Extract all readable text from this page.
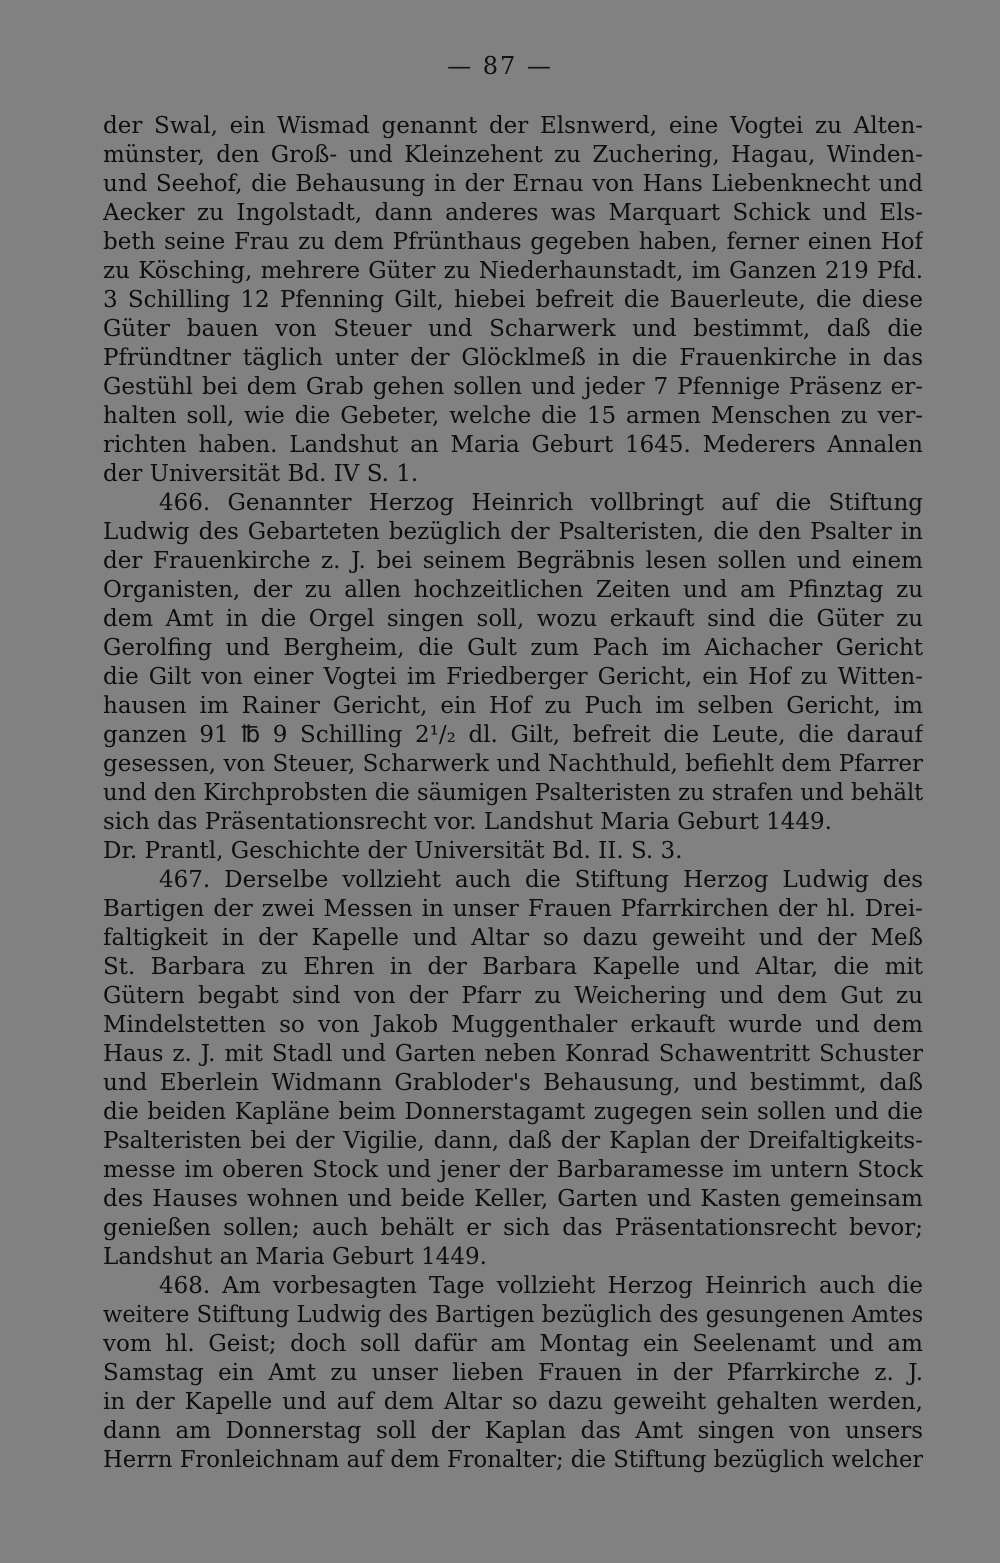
— 87 —
der Swal, ein Wismad genannt der Elsnwerd, eine Vogtei zu Alten-
münster, den Groß- und Kleinzehent zu Zuchering, Hagau, Winden-
und Seehof, die Behausung in der Ernau von Hans Liebenknecht und
Aecker zu Ingolstadt, dann anderes was Marquart Schick und Els-
beth seine Frau zu dem Pfrünthaus gegeben haben, ferner einen Hof
zu Kösching, mehrere Güter zu Niederhaunstadt, im Ganzen 219 Pfd.
3 Schilling 12 Pfenning Gilt, hiebei befreit die Bauerleute, die diese
Güter bauen von Steuer und Scharwerk und bestimmt, daß die
Pfründtner täglich unter der Glöcklmeß in die Frauenkirche in das
Gestühl bei dem Grab gehen sollen und jeder 7 Pfennige Präsenz er-
halten soll, wie die Gebeter, welche die 15 armen Menschen zu ver-
richten haben. Landshut an Maria Geburt 1645. Mederers Annalen
der Universität Bd. IV S. 1.
466. Genannter Herzog Heinrich vollbringt auf die Stiftung
Ludwig des Gebarteten bezüglich der Psalteristen, die den Psalter in
der Frauenkirche z. J. bei seinem Begräbnis lesen sollen und einem
Organisten, der zu allen hochzeitlichen Zeiten und am Pfinztag zu
dem Amt in die Orgel singen soll, wozu erkauft sind die Güter zu
Gerolfing und Bergheim, die Gult zum Pach im Aichacher Gericht
die Gilt von einer Vogtei im Friedberger Gericht, ein Hof zu Witten-
hausen im Rainer Gericht, ein Hof zu Puch im selben Gericht, im
ganzen 91 ℔ 9 Schilling 2¹/₂ dl. Gilt, befreit die Leute, die darauf
gesessen, von Steuer, Scharwerk und Nachthuld, befiehlt dem Pfarrer
und den Kirchprobsten die säumigen Psalteristen zu strafen und behält
sich das Präsentationsrecht vor. Landshut Maria Geburt 1449.
Dr. Prantl, Geschichte der Universität Bd. II. S. 3.
467. Derselbe vollzieht auch die Stiftung Herzog Ludwig des
Bartigen der zwei Messen in unser Frauen Pfarrkirchen der hl. Drei-
faltigkeit in der Kapelle und Altar so dazu geweiht und der Meß
St. Barbara zu Ehren in der Barbara Kapelle und Altar, die mit
Gütern begabt sind von der Pfarr zu Weichering und dem Gut zu
Mindelstetten so von Jakob Muggenthaler erkauft wurde und dem
Haus z. J. mit Stadl und Garten neben Konrad Schawentritt Schuster
und Eberlein Widmann Grabloder's Behausung, und bestimmt, daß
die beiden Kapläne beim Donnerstagamt zugegen sein sollen und die
Psalteristen bei der Vigilie, dann, daß der Kaplan der Dreifaltigkeits-
messe im oberen Stock und jener der Barbaramesse im untern Stock
des Hauses wohnen und beide Keller, Garten und Kasten gemeinsam
genießen sollen; auch behält er sich das Präsentationsrecht bevor;
Landshut an Maria Geburt 1449.
468. Am vorbesagten Tage vollzieht Herzog Heinrich auch die
weitere Stiftung Ludwig des Bartigen bezüglich des gesungenen Amtes
vom hl. Geist; doch soll dafür am Montag ein Seelenamt und am
Samstag ein Amt zu unser lieben Frauen in der Pfarrkirche z. J.
in der Kapelle und auf dem Altar so dazu geweiht gehalten werden,
dann am Donnerstag soll der Kaplan das Amt singen von unsers
Herrn Fronleichnam auf dem Fronalter; die Stiftung bezüglich welcher
